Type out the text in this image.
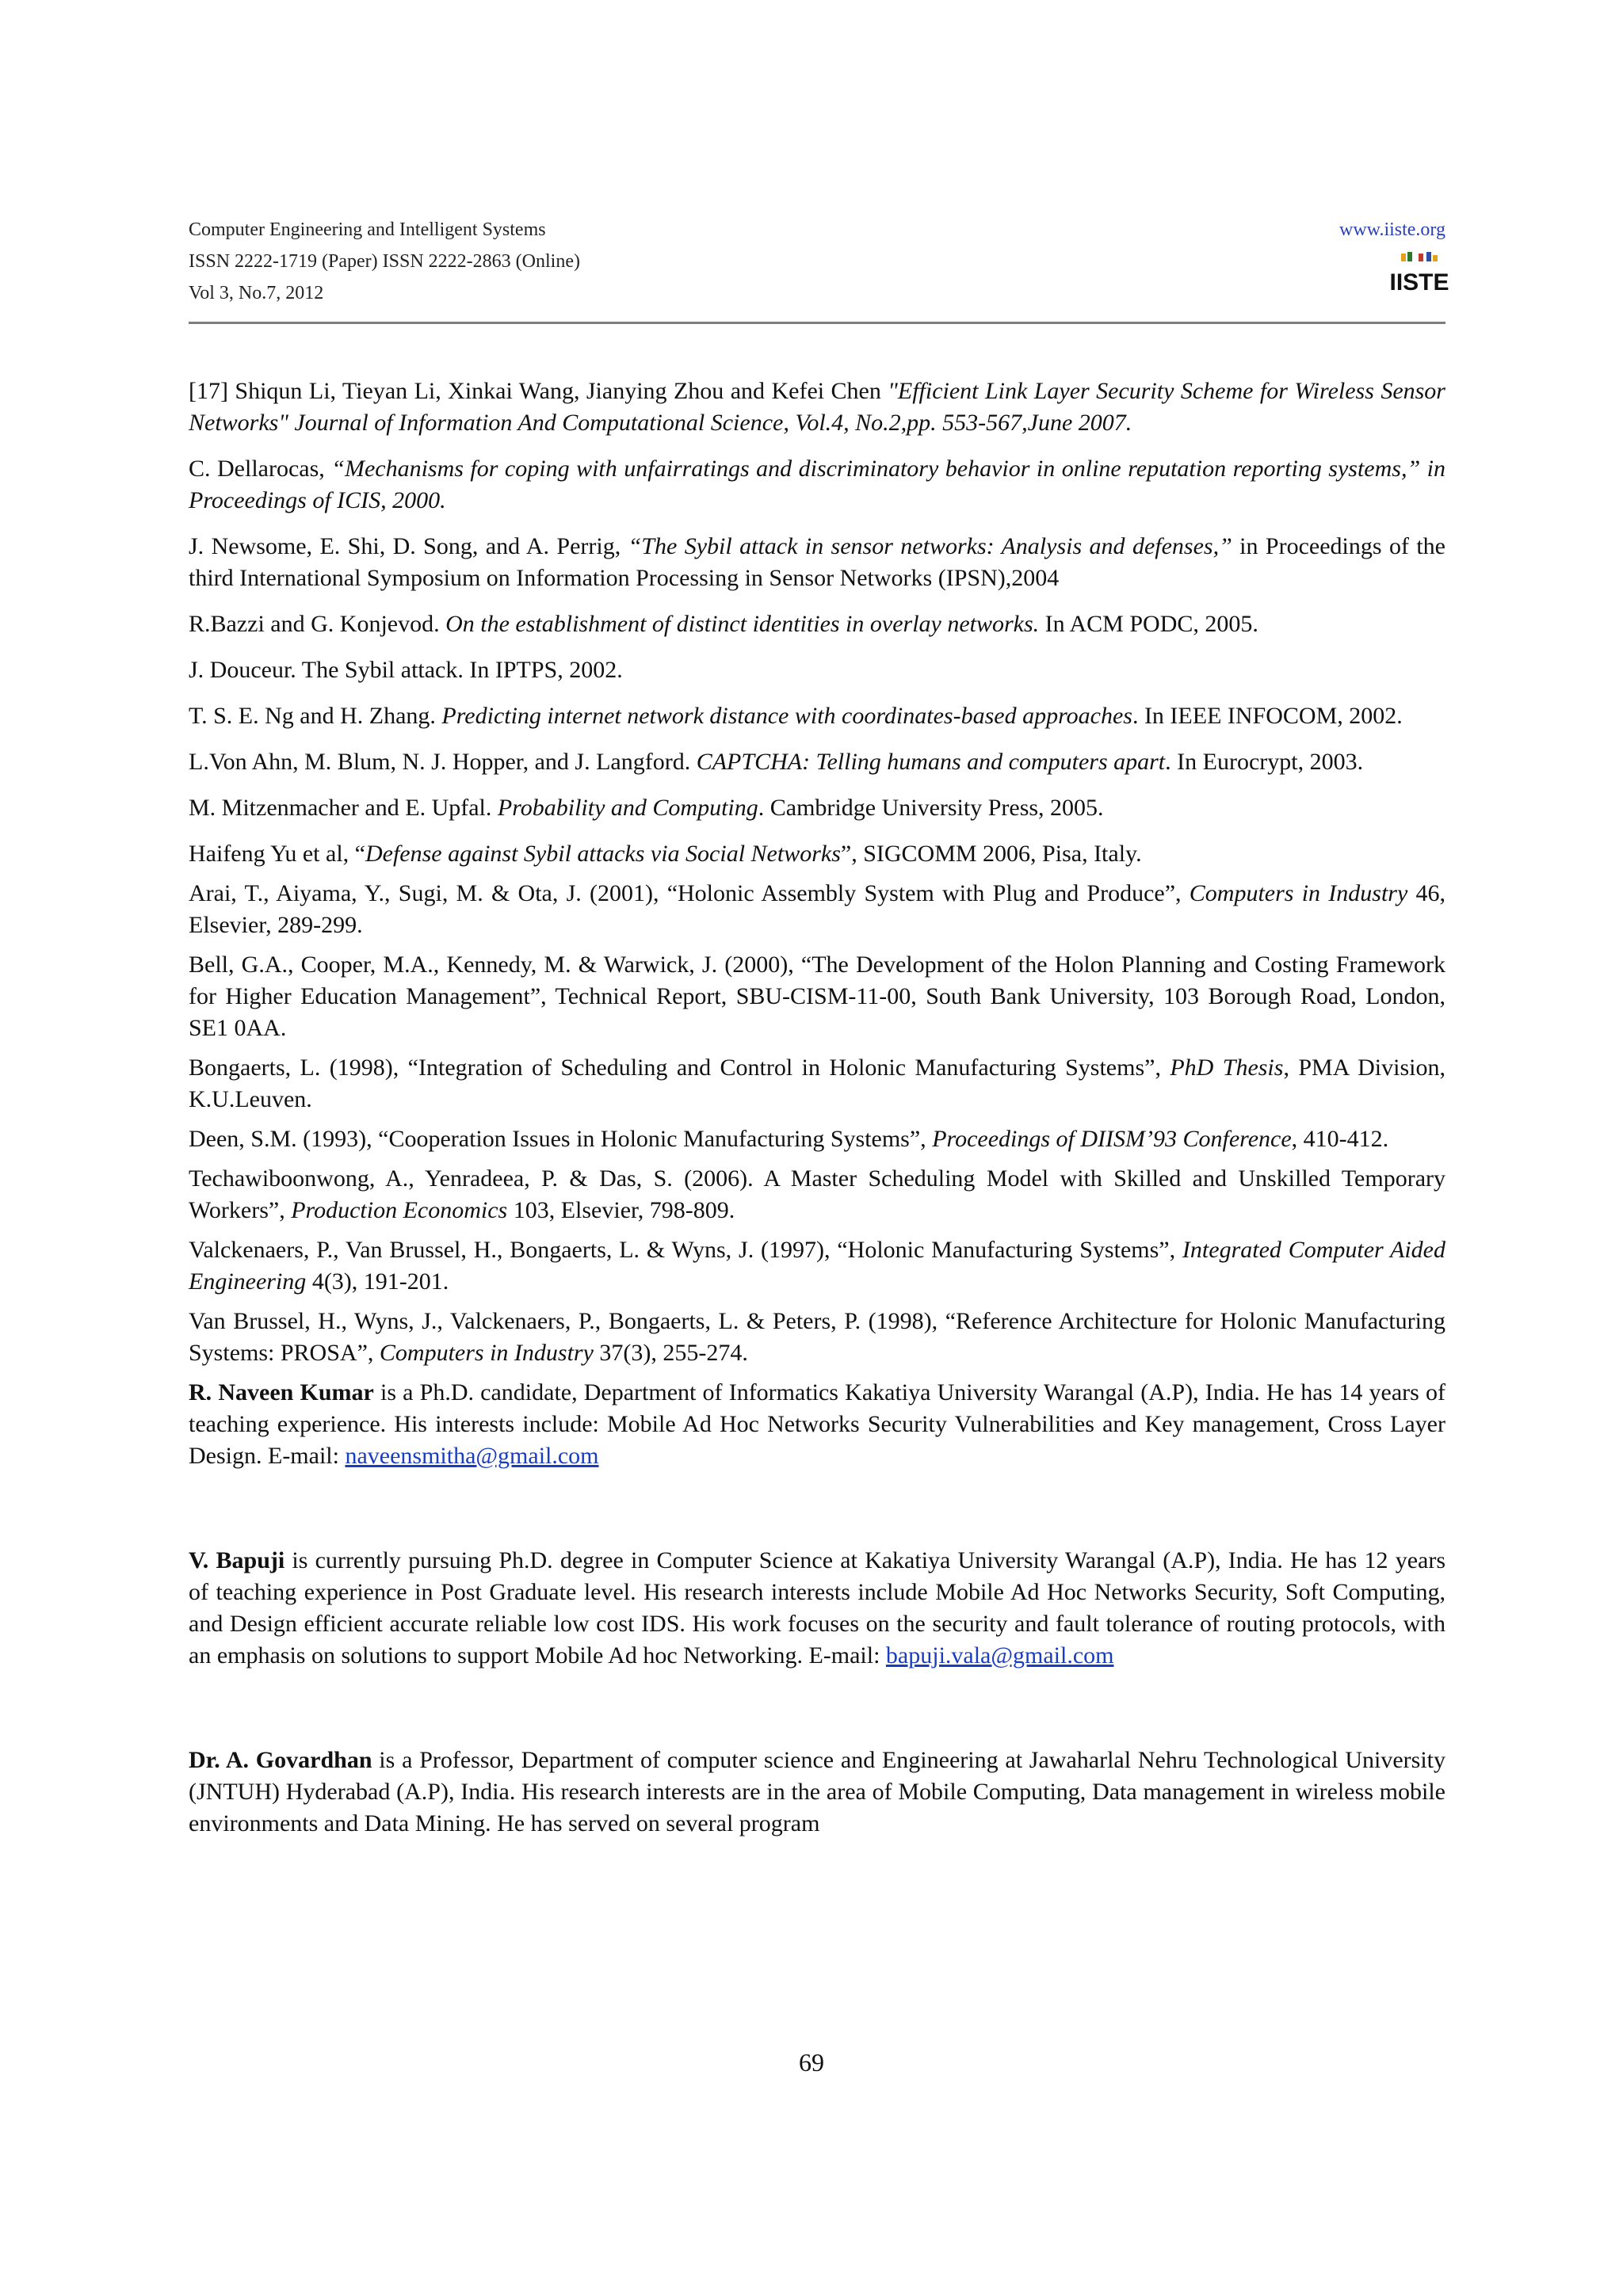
Computer Engineering and Intelligent Systems
ISSN 2222-1719 (Paper) ISSN 2222-2863 (Online)
Vol 3, No.7, 2012
www.iiste.org
IISTE

[17] Shiqun Li, Tieyan Li, Xinkai Wang, Jianying Zhou and Kefei Chen "Efficient Link Layer Security Scheme for Wireless Sensor Networks" Journal of Information And Computational Science, Vol.4, No.2,pp. 553-567,June 2007.

C. Dellarocas, “Mechanisms for coping with unfairratings and discriminatory behavior in online reputation reporting systems,” in Proceedings of ICIS, 2000.

J. Newsome, E. Shi, D. Song, and A. Perrig, “The Sybil attack in sensor networks: Analysis and defenses,” in Proceedings of the third International Symposium on Information Processing in Sensor Networks (IPSN),2004

R.Bazzi and G. Konjevod. On the establishment of distinct identities in overlay networks. In ACM PODC, 2005.

J. Douceur. The Sybil attack. In IPTPS, 2002.

T. S. E. Ng and H. Zhang. Predicting internet network distance with coordinates-based approaches. In IEEE INFOCOM, 2002.

L.Von Ahn, M. Blum, N. J. Hopper, and J. Langford. CAPTCHA: Telling humans and computers apart. In Eurocrypt, 2003.

M. Mitzenmacher and E. Upfal. Probability and Computing. Cambridge University Press, 2005.

Haifeng Yu et al, “Defense against Sybil attacks via Social Networks”, SIGCOMM 2006, Pisa, Italy.

Arai, T., Aiyama, Y., Sugi, M. & Ota, J. (2001), “Holonic Assembly System with Plug and Produce”, Computers in Industry 46, Elsevier, 289-299.

Bell, G.A., Cooper, M.A., Kennedy, M. & Warwick, J. (2000), “The Development of the Holon Planning and Costing Framework for Higher Education Management”, Technical Report, SBU-CISM-11-00, South Bank University, 103 Borough Road, London, SE1 0AA.

Bongaerts, L. (1998), “Integration of Scheduling and Control in Holonic Manufacturing Systems”, PhD Thesis, PMA Division, K.U.Leuven.

Deen, S.M. (1993), “Cooperation Issues in Holonic Manufacturing Systems”, Proceedings of DIISM’93 Conference, 410-412.

Techawiboonwong, A., Yenradeea, P. & Das, S. (2006). A Master Scheduling Model with Skilled and Unskilled Temporary Workers”, Production Economics 103, Elsevier, 798-809.

Valckenaers, P., Van Brussel, H., Bongaerts, L. & Wyns, J. (1997), “Holonic Manufacturing Systems”, Integrated Computer Aided Engineering 4(3), 191-201.

Van Brussel, H., Wyns, J., Valckenaers, P., Bongaerts, L. & Peters, P. (1998), “Reference Architecture for Holonic Manufacturing Systems: PROSA”, Computers in Industry 37(3), 255-274.

R. Naveen Kumar is a Ph.D. candidate, Department of Informatics Kakatiya University Warangal (A.P), India. He has 14 years of teaching experience. His interests include: Mobile Ad Hoc Networks Security Vulnerabilities and Key management, Cross Layer Design. E-mail: naveensmitha@gmail.com

V. Bapuji is currently pursuing Ph.D. degree in Computer Science at Kakatiya University Warangal (A.P), India. He has 12 years of teaching experience in Post Graduate level. His research interests include Mobile Ad Hoc Networks Security, Soft Computing, and Design efficient accurate reliable low cost IDS. His work focuses on the security and fault tolerance of routing protocols, with an emphasis on solutions to support Mobile Ad hoc Networking. E-mail: bapuji.vala@gmail.com

Dr. A. Govardhan is a Professor, Department of computer science and Engineering at Jawaharlal Nehru Technological University (JNTUH) Hyderabad (A.P), India. His research interests are in the area of Mobile Computing, Data management in wireless mobile environments and Data Mining. He has served on several program

69
